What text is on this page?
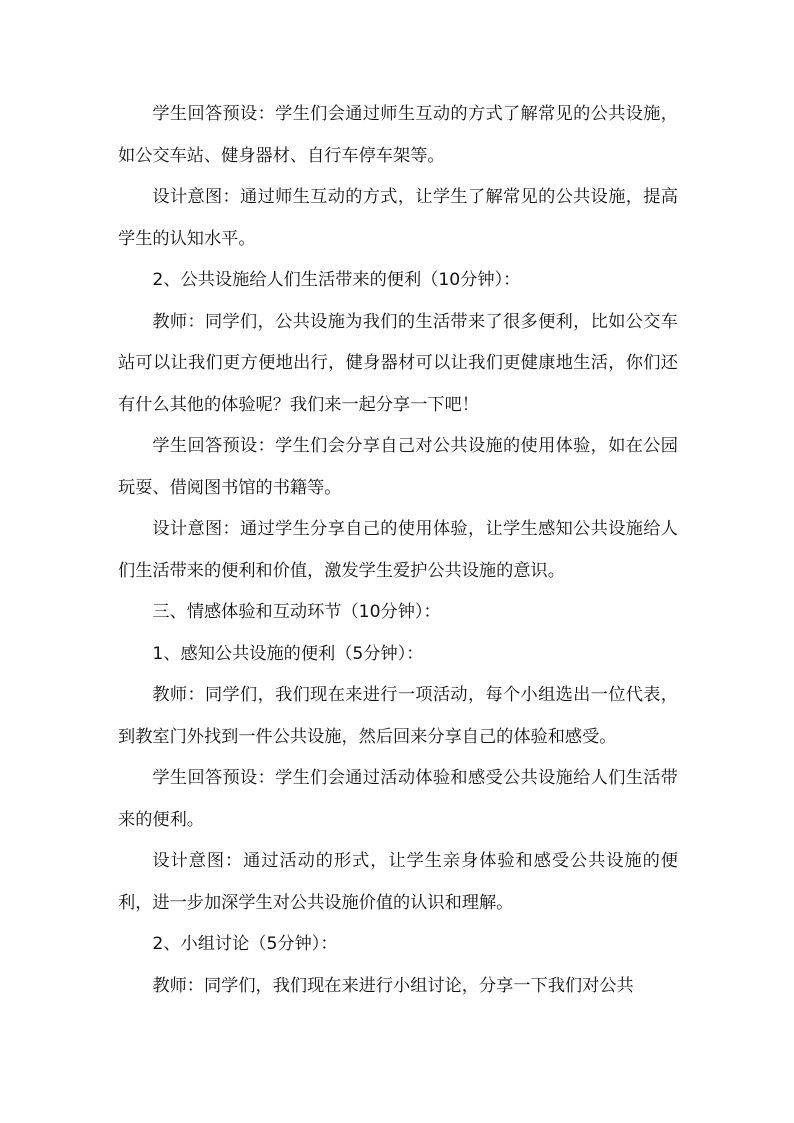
学生回答预设：学生们会通过师生互动的方式了解常见的公共设施，如公交车站、健身器材、自行车停车架等。

设计意图：通过师生互动的方式，让学生了解常见的公共设施，提高学生的认知水平。

2、公共设施给人们生活带来的便利（10分钟）：

教师：同学们，公共设施为我们的生活带来了很多便利，比如公交车站可以让我们更方便地出行，健身器材可以让我们更健康地生活，你们还有什么其他的体验呢？我们来一起分享一下吧！

学生回答预设：学生们会分享自己对公共设施的使用体验，如在公园玩耍、借阅图书馆的书籍等。

设计意图：通过学生分享自己的使用体验，让学生感知公共设施给人们生活带来的便利和价值，激发学生爱护公共设施的意识。

三、情感体验和互动环节（10分钟）：

1、感知公共设施的便利（5分钟）：

教师：同学们，我们现在来进行一项活动，每个小组选出一位代表，到教室门外找到一件公共设施，然后回来分享自己的体验和感受。

学生回答预设：学生们会通过活动体验和感受公共设施给人们生活带来的便利。

设计意图：通过活动的形式，让学生亲身体验和感受公共设施的便利，进一步加深学生对公共设施价值的认识和理解。

2、小组讨论（5分钟）：

教师：同学们，我们现在来进行小组讨论，分享一下我们对公共
